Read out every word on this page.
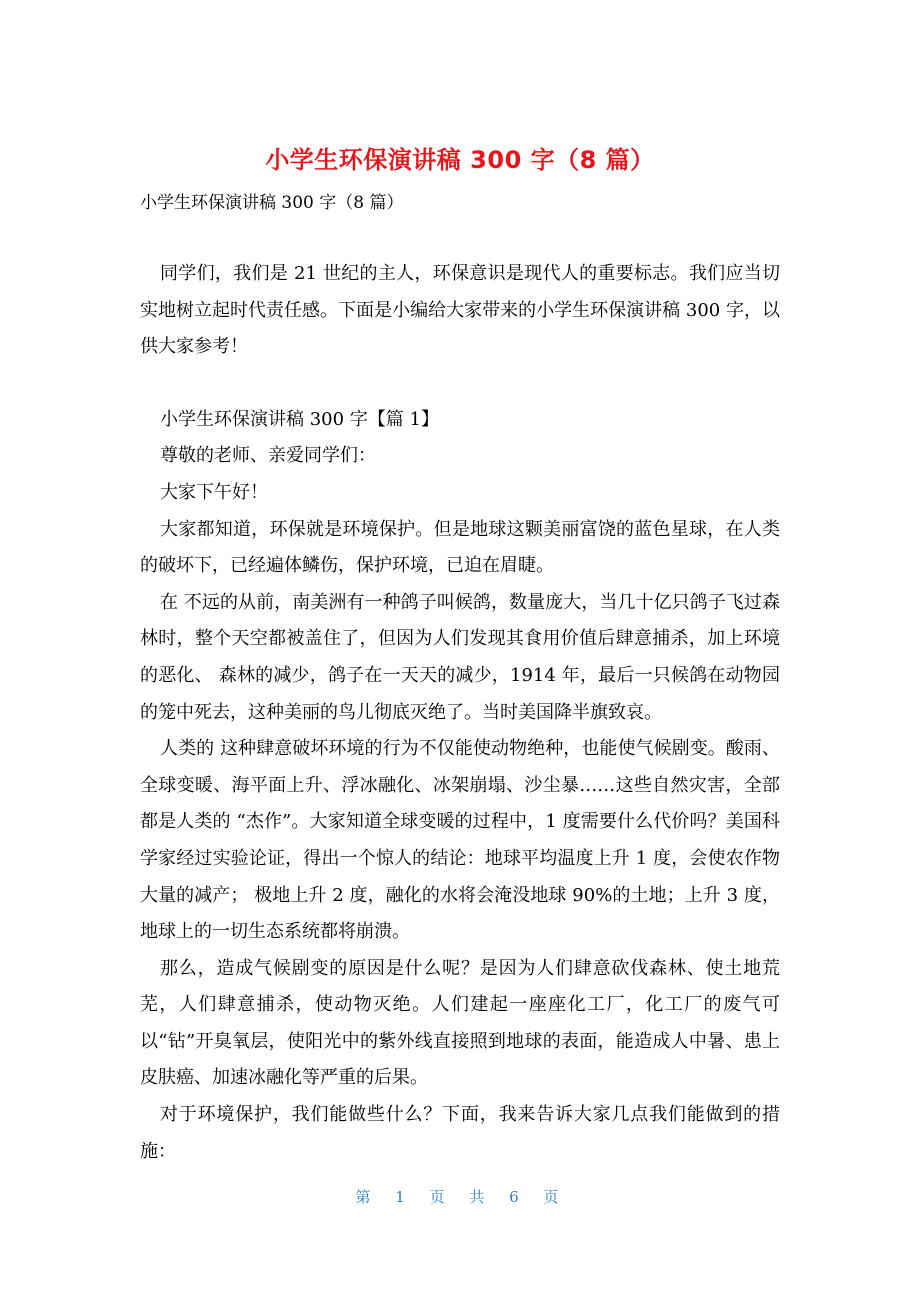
小学生环保演讲稿 300 字（8 篇）
小学生环保演讲稿 300 字（8 篇）

同学们，我们是 21 世纪的主人，环保意识是现代人的重要标志。我们应当切实地树立起时代责任感。下面是小编给大家带来的小学生环保演讲稿 300 字，以供大家参考！

小学生环保演讲稿 300 字【篇 1】

尊敬的老师、亲爱同学们：

大家下午好！

大家都知道，环保就是环境保护。但是地球这颗美丽富饶的蓝色星球，在人类的破坏下，已经遍体鳞伤，保护环境，已迫在眉睫。

在 不远的从前，南美洲有一种鸽子叫候鸽，数量庞大，当几十亿只鸽子飞过森林时，整个天空都被盖住了，但因为人们发现其食用价值后肆意捕杀，加上环境的恶化、 森林的减少，鸽子在一天天的减少，1914 年，最后一只候鸽在动物园的笼中死去，这种美丽的鸟儿彻底灭绝了。当时美国降半旗致哀。

人类的 这种肆意破坏环境的行为不仅能使动物绝种，也能使气候剧变。酸雨、全球变暖、海平面上升、浮冰融化、冰架崩塌、沙尘暴……这些自然灾害，全部都是人类的 “杰作”。大家知道全球变暖的过程中，1 度需要什么代价吗？美国科学家经过实验论证，得出一个惊人的结论：地球平均温度上升 1 度，会使农作物大量的减产； 极地上升 2 度，融化的水将会淹没地球 90%的土地；上升 3 度，地球上的一切生态系统都将崩溃。

那么，造成气候剧变的原因是什么呢？是因为人们肆意砍伐森林、使土地荒芜，人们肆意捕杀，使动物灭绝。人们建起一座座化工厂，化工厂的废气可以“钻”开臭氧层，使阳光中的紫外线直接照到地球的表面，能造成人中暑、患上皮肤癌、加速冰融化等严重的后果。

对于环境保护，我们能做些什么？下面，我来告诉大家几点我们能做到的措施：

第 1 页 共 6 页
